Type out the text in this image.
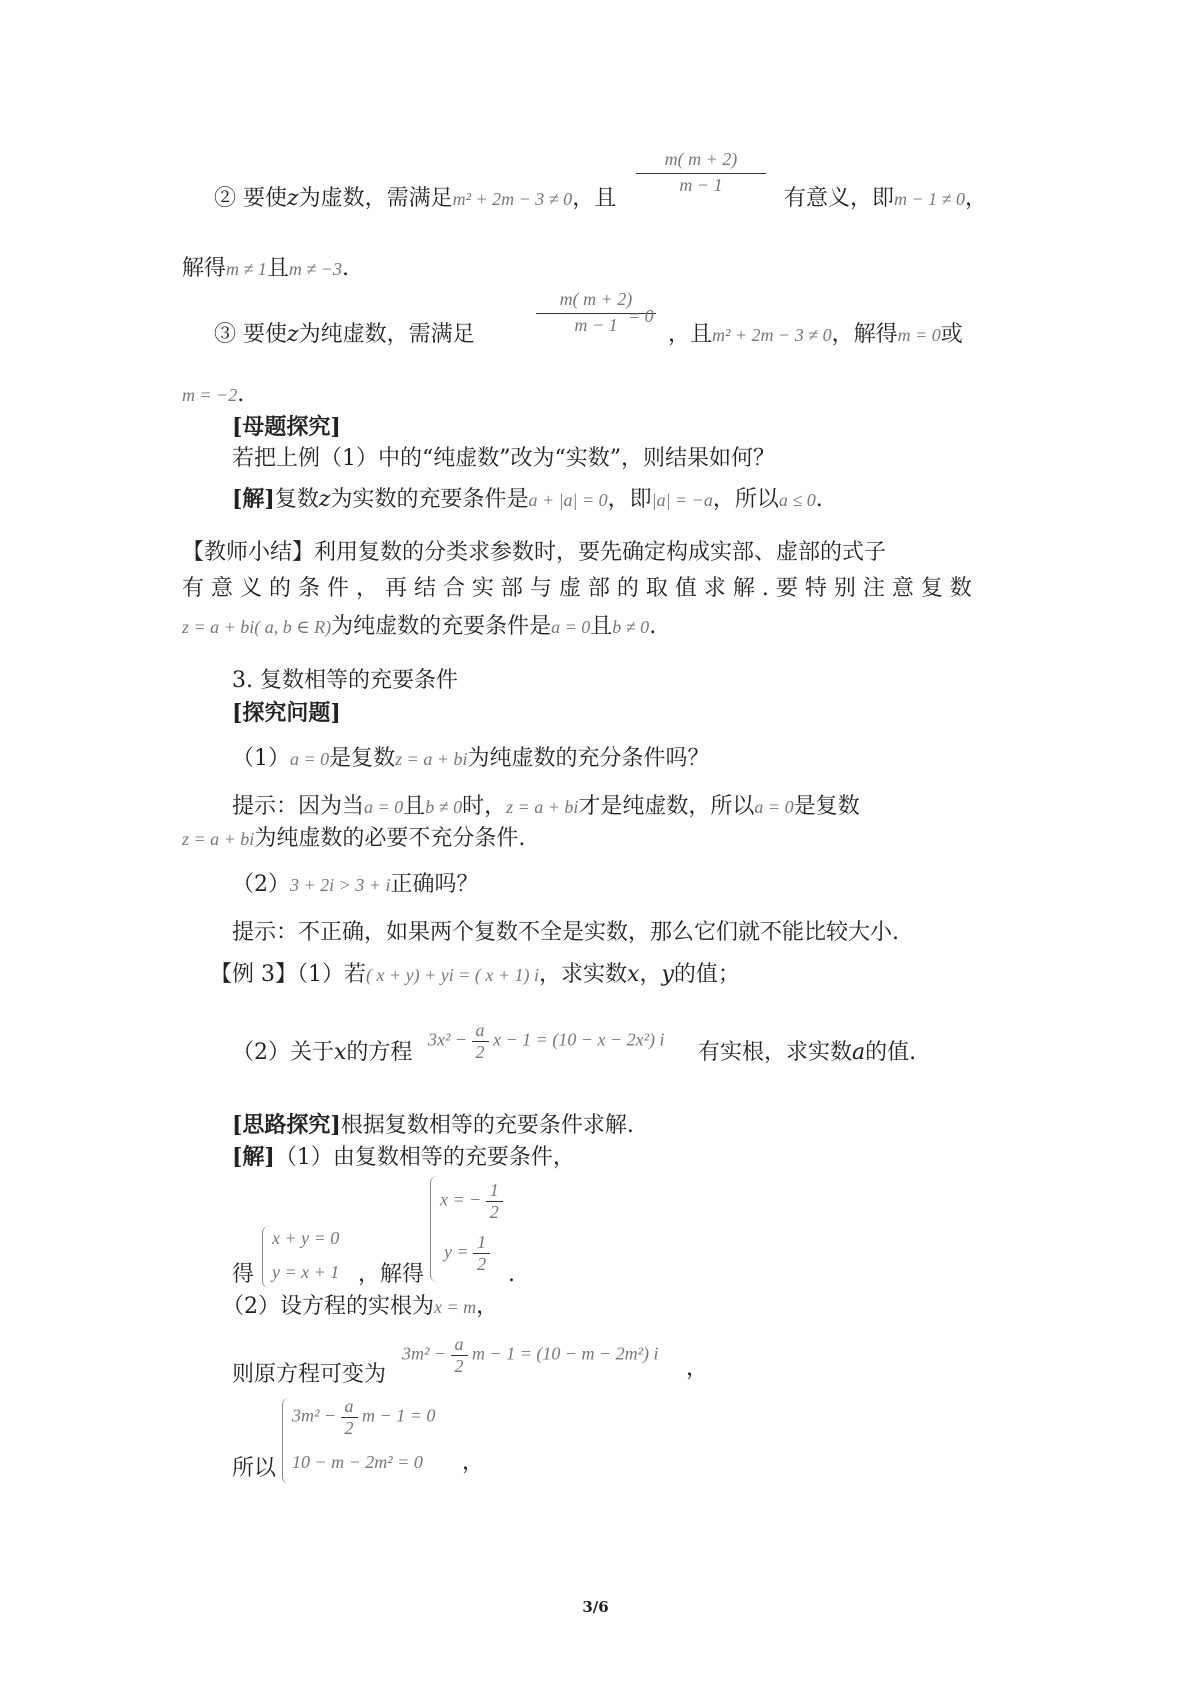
② 要使z为虚数，需满足m² + 2m − 3 ≠ 0，且
m( m + 2)
m − 1
有意义，即m − 1 ≠ 0，
解得m ≠ 1且m ≠ −3.
③ 要使z为纯虚数，需满足
m( m + 2)
m − 1 = 0
，且m² + 2m − 3 ≠ 0，解得m = 0或
m = −2.
[母题探究]
若把上例（1）中的“纯虚数”改为“实数”，则结果如何？
[解]复数z为实数的充要条件是a + |a| = 0，即|a| = −a，所以a ≤ 0.
【教师小结】利用复数的分类求参数时，要先确定构成实部、虚部的式子
有 意 义 的 条 件 ， 再 结 合 实 部 与 虚 部 的 取 值 求 解 . 要 特 别 注 意 复 数
z = a + bi( a, b ∈ R)为纯虚数的充要条件是a = 0且b ≠ 0.
3. 复数相等的充要条件
[探究问题]
（1）a = 0是复数z = a + bi为纯虚数的充分条件吗？
提示：因为当a = 0且b ≠ 0时，z = a + bi才是纯虚数，所以a = 0是复数
z = a + bi为纯虚数的必要不充分条件.
（2）3 + 2i > 3 + i正确吗？
提示：不正确，如果两个复数不全是实数，那么它们就不能比较大小.
【例 3】（1）若( x + y) + yi = ( x + 1) i，求实数x，y的值；
（2）关于x的方程
$3x^2 - \frac{a}{2}$ x − 1 = (10 − x − 2x²) i
有实根，求实数a的值.
[思路探究]根据复数相等的充要条件求解.
[解]（1）由复数相等的充要条件，
得
x + y = 0
y = x + 1 ，解得
x = − $\frac{1}{2}$
$y = \frac{1}{2}$
.
（2）设方程的实根为x = m，
则原方程可变为
$3m^2 - \frac{a}{2}$ m − 1 = (10 − m − 2m²) i
，
所以
$3m^2 - \frac{a}{2}$ m − 1 = 0
10 − m − 2m² = 0 ，
3/6
